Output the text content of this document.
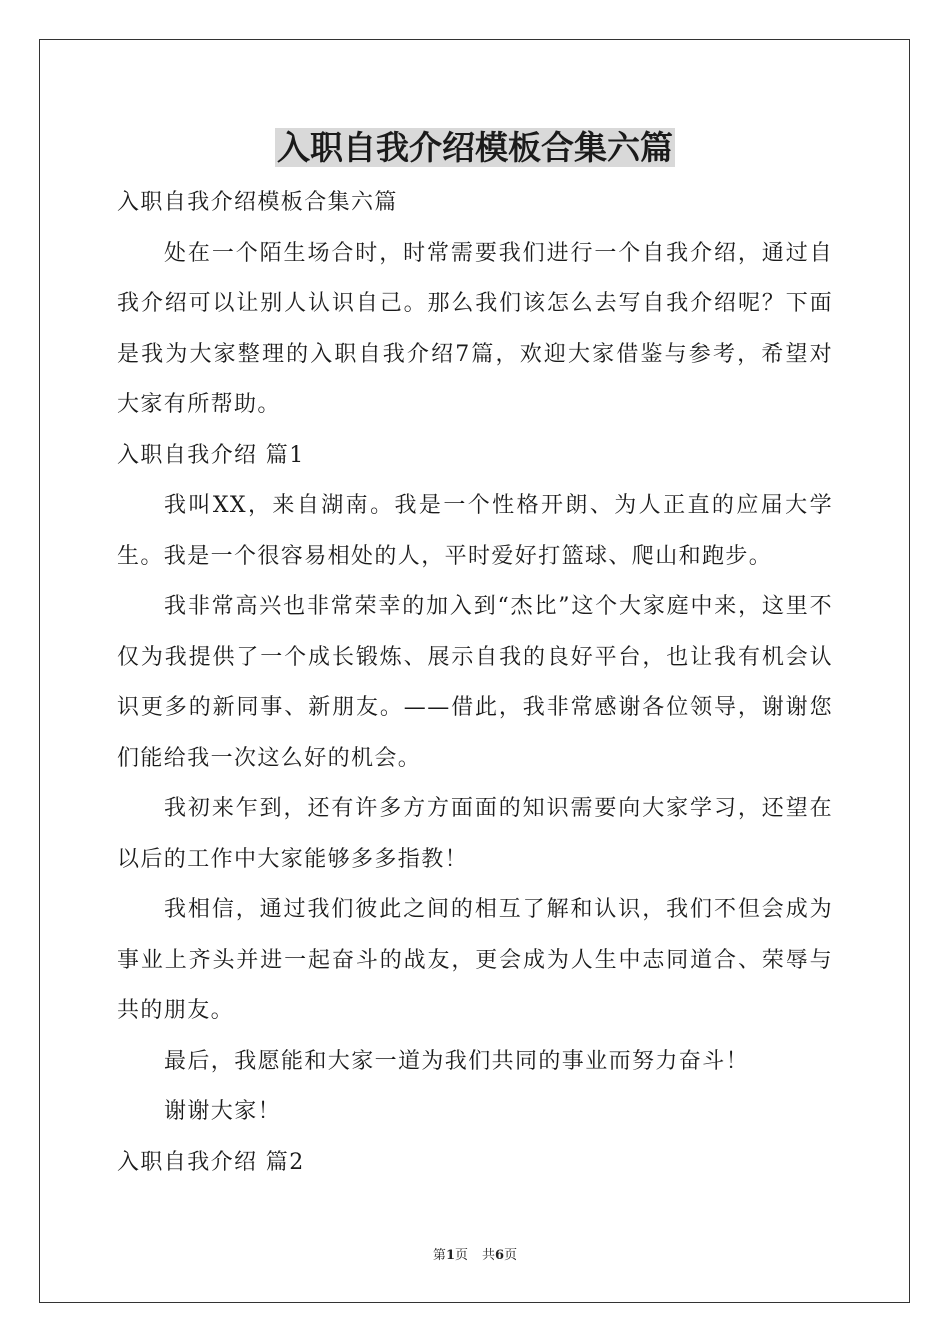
入职自我介绍模板合集六篇

入职自我介绍模板合集六篇

处在一个陌生场合时，时常需要我们进行一个自我介绍，通过自我介绍可以让别人认识自己。那么我们该怎么去写自我介绍呢？下面是我为大家整理的入职自我介绍7篇，欢迎大家借鉴与参考，希望对大家有所帮助。

入职自我介绍 篇1

我叫XX，来自湖南。我是一个性格开朗、为人正直的应届大学生。我是一个很容易相处的人，平时爱好打篮球、爬山和跑步。

我非常高兴也非常荣幸的加入到“杰比”这个大家庭中来，这里不仅为我提供了一个成长锻炼、展示自我的良好平台，也让我有机会认识更多的新同事、新朋友。——借此，我非常感谢各位领导，谢谢您们能给我一次这么好的机会。

我初来乍到，还有许多方方面面的知识需要向大家学习，还望在以后的工作中大家能够多多指教！

我相信，通过我们彼此之间的相互了解和认识，我们不但会成为事业上齐头并进一起奋斗的战友，更会成为人生中志同道合、荣辱与共的朋友。

最后，我愿能和大家一道为我们共同的事业而努力奋斗！

谢谢大家！

入职自我介绍 篇2

第1页 共6页
